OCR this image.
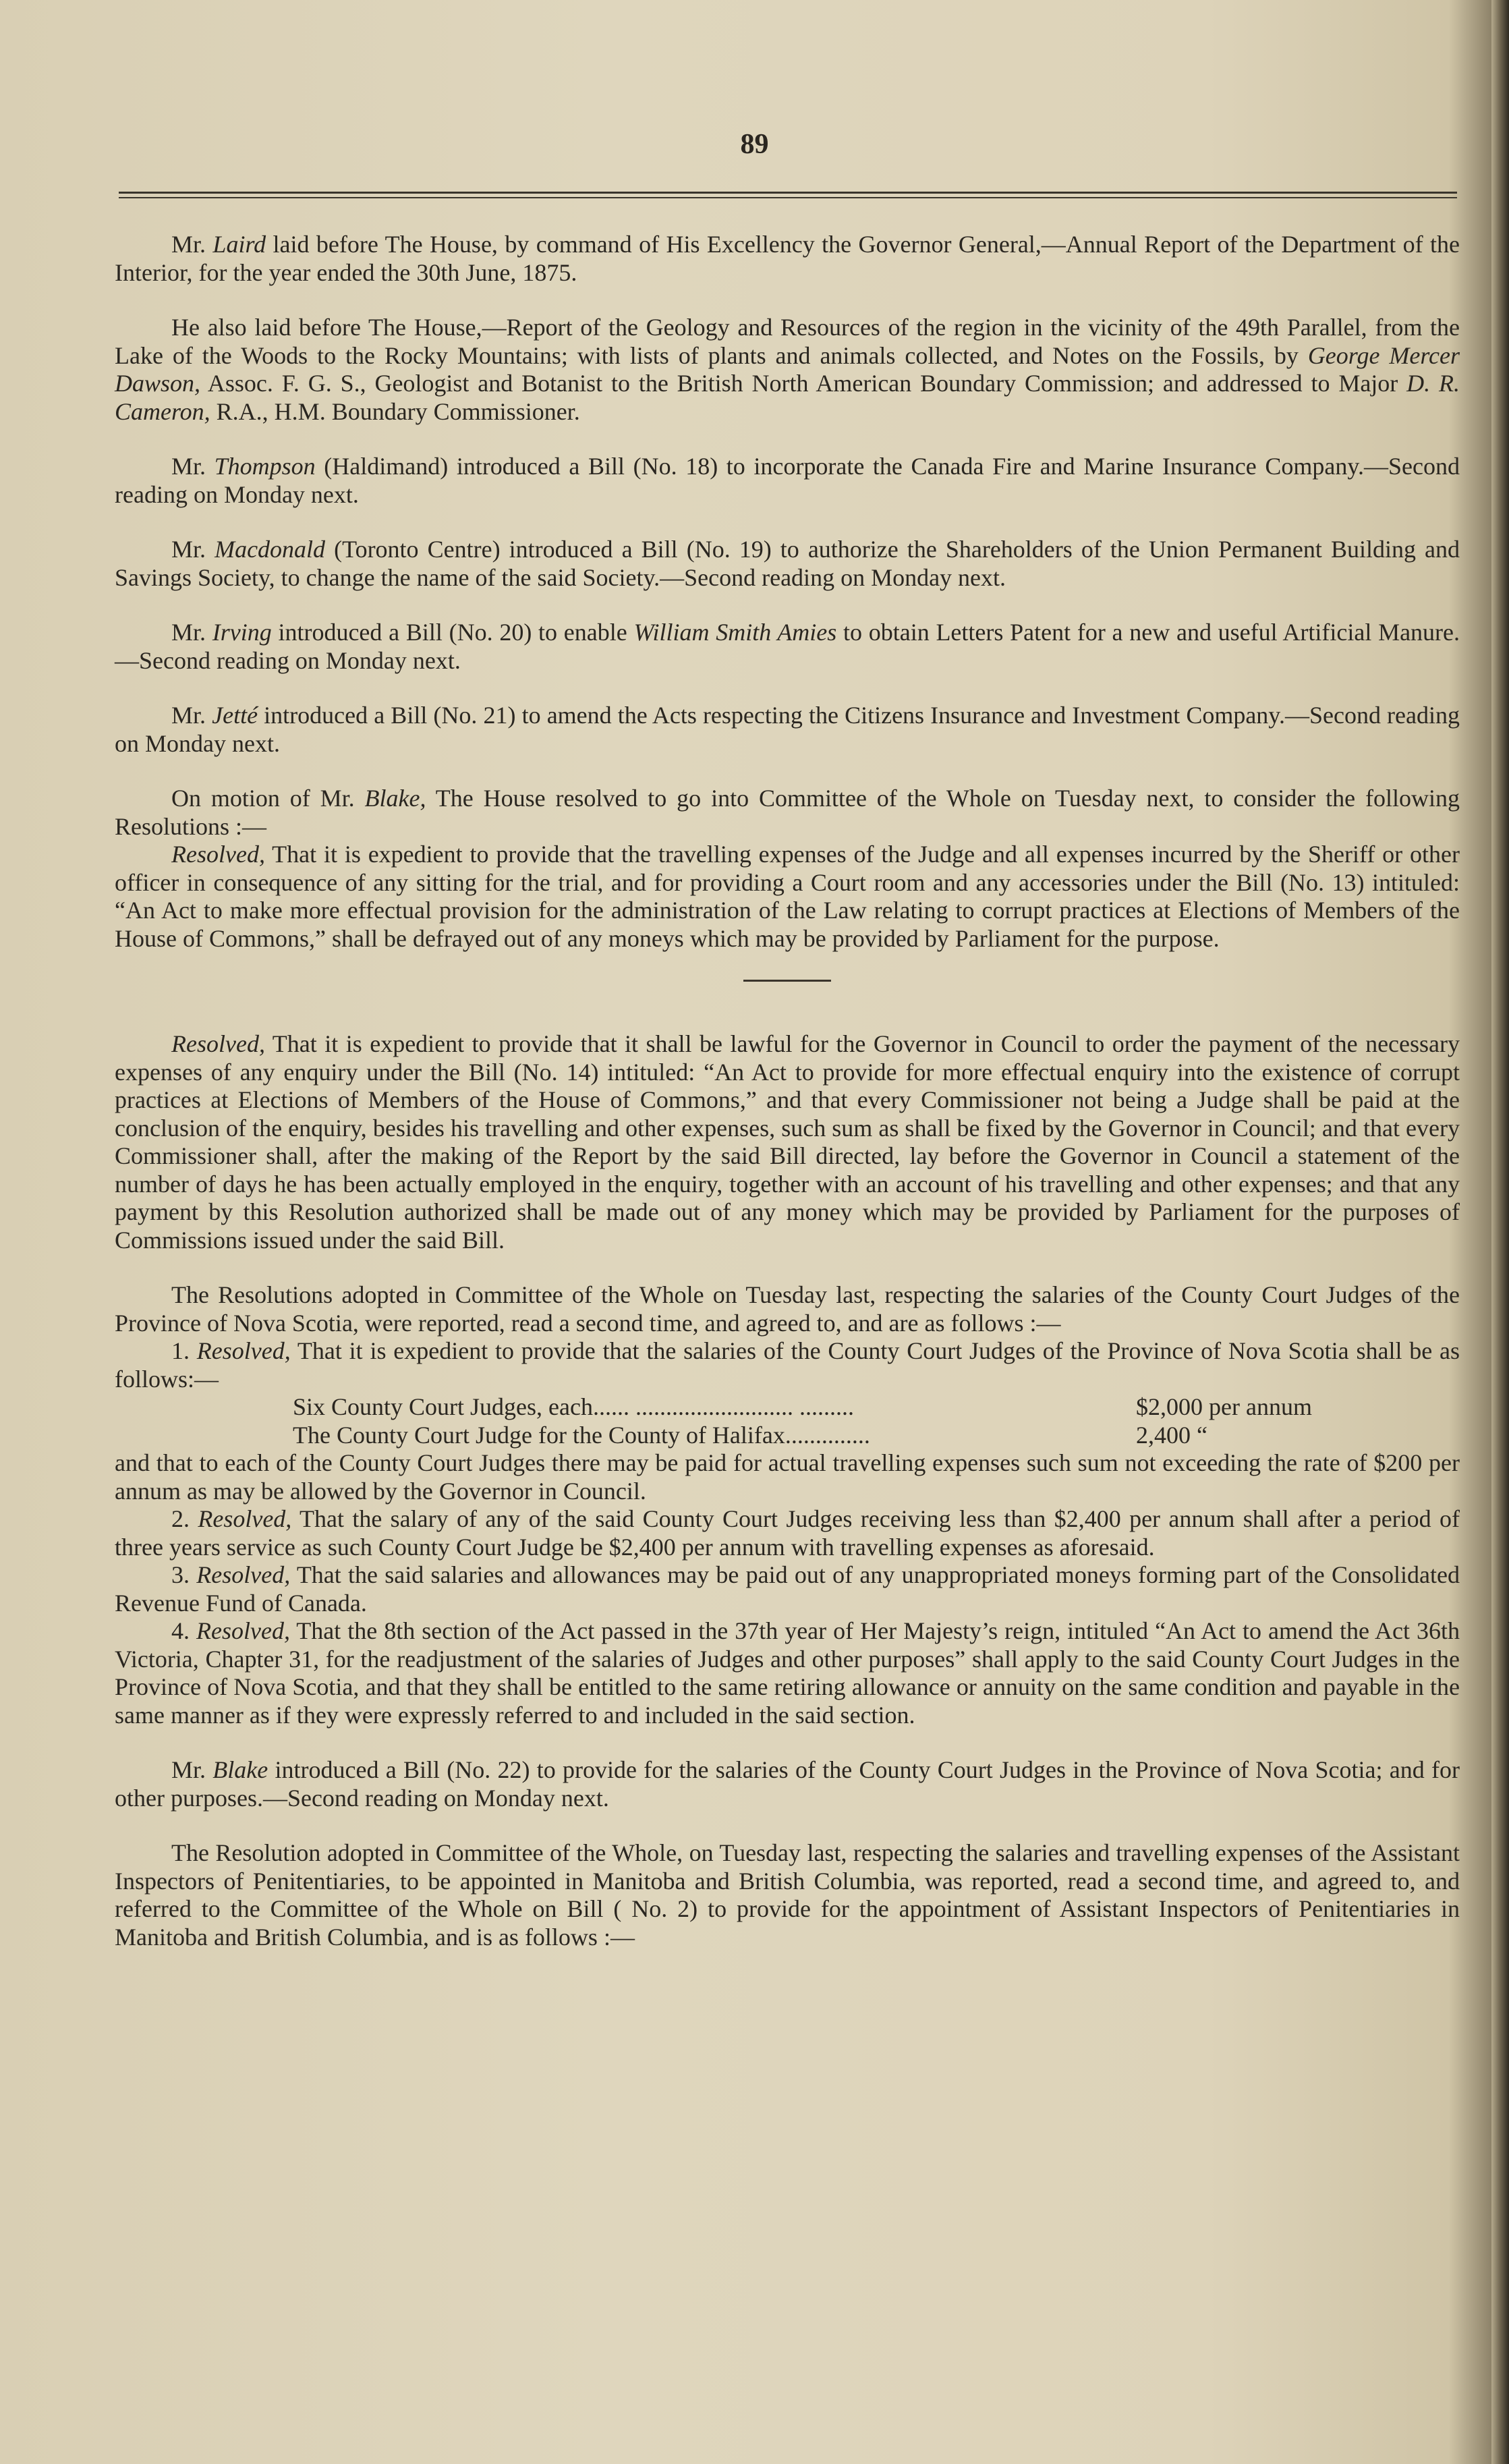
89

Mr. Laird laid before The House, by command of His Excellency the Governor General,—Annual Report of the Department of the Interior, for the year ended the 30th June, 1875.

He also laid before The House,—Report of the Geology and Resources of the region in the vicinity of the 49th Parallel, from the Lake of the Woods to the Rocky Mountains; with lists of plants and animals collected, and Notes on the Fossils, by George Mercer Dawson, Assoc. F. G. S., Geologist and Botanist to the British North American Boundary Commission; and addressed to Major D. R. Cameron, R.A., H.M. Boundary Commissioner.

Mr. Thompson (Haldimand) introduced a Bill (No. 18) to incorporate the Canada Fire and Marine Insurance Company.—Second reading on Monday next.

Mr. Macdonald (Toronto Centre) introduced a Bill (No. 19) to authorize the Shareholders of the Union Permanent Building and Savings Society, to change the name of the said Society.—Second reading on Monday next.

Mr. Irving introduced a Bill (No. 20) to enable William Smith Amies to obtain Letters Patent for a new and useful Artificial Manure.—Second reading on Monday next.

Mr. Jetté introduced a Bill (No. 21) to amend the Acts respecting the Citizens Insurance and Investment Company.—Second reading on Monday next.

On motion of Mr. Blake, The House resolved to go into Committee of the Whole on Tuesday next, to consider the following Resolutions :—

Resolved, That it is expedient to provide that the travelling expenses of the Judge and all expenses incurred by the Sheriff or other officer in consequence of any sitting for the trial, and for providing a Court room and any accessories under the Bill (No. 13) intituled: “An Act to make more effectual provision for the administration of the Law relating to corrupt practices at Elections of Members of the House of Commons,” shall be defrayed out of any moneys which may be provided by Parliament for the purpose.

Resolved, That it is expedient to provide that it shall be lawful for the Governor in Council to order the payment of the necessary expenses of any enquiry under the Bill (No. 14) intituled: “An Act to provide for more effectual enquiry into the existence of corrupt practices at Elections of Members of the House of Commons,” and that every Commissioner not being a Judge shall be paid at the conclusion of the enquiry, besides his travelling and other expenses, such sum as shall be fixed by the Governor in Council; and that every Commissioner shall, after the making of the Report by the said Bill directed, lay before the Governor in Council a statement of the number of days he has been actually employed in the enquiry, together with an account of his travelling and other expenses; and that any payment by this Resolution authorized shall be made out of any money which may be provided by Parliament for the purposes of Commissions issued under the said Bill.

The Resolutions adopted in Committee of the Whole on Tuesday last, respecting the salaries of the County Court Judges of the Province of Nova Scotia, were reported, read a second time, and agreed to, and are as follows :—

1. Resolved, That it is expedient to provide that the salaries of the County Court Judges of the Province of Nova Scotia shall be as follows:—

Six County Court Judges, each...... .......................... .........	$2,000 per annum
The County Court Judge for the County of Halifax..............	2,400 “

and that to each of the County Court Judges there may be paid for actual travelling expenses such sum not exceeding the rate of $200 per annum as may be allowed by the Governor in Council.

2. Resolved, That the salary of any of the said County Court Judges receiving less than $2,400 per annum shall after a period of three years service as such County Court Judge be $2,400 per annum with travelling expenses as aforesaid.

3. Resolved, That the said salaries and allowances may be paid out of any unappropriated moneys forming part of the Consolidated Revenue Fund of Canada.

4. Resolved, That the 8th section of the Act passed in the 37th year of Her Majesty’s reign, intituled “An Act to amend the Act 36th Victoria, Chapter 31, for the readjustment of the salaries of Judges and other purposes” shall apply to the said County Court Judges in the Province of Nova Scotia, and that they shall be entitled to the same retiring allowance or annuity on the same condition and payable in the same manner as if they were expressly referred to and included in the said section.

Mr. Blake introduced a Bill (No. 22) to provide for the salaries of the County Court Judges in the Province of Nova Scotia; and for other purposes.—Second reading on Monday next.

The Resolution adopted in Committee of the Whole, on Tuesday last, respecting the salaries and travelling expenses of the Assistant Inspectors of Penitentiaries, to be appointed in Manitoba and British Columbia, was reported, read a second time, and agreed to, and referred to the Committee of the Whole on Bill ( No. 2) to provide for the appointment of Assistant Inspectors of Penitentiaries in Manitoba and British Columbia, and is as follows :—
